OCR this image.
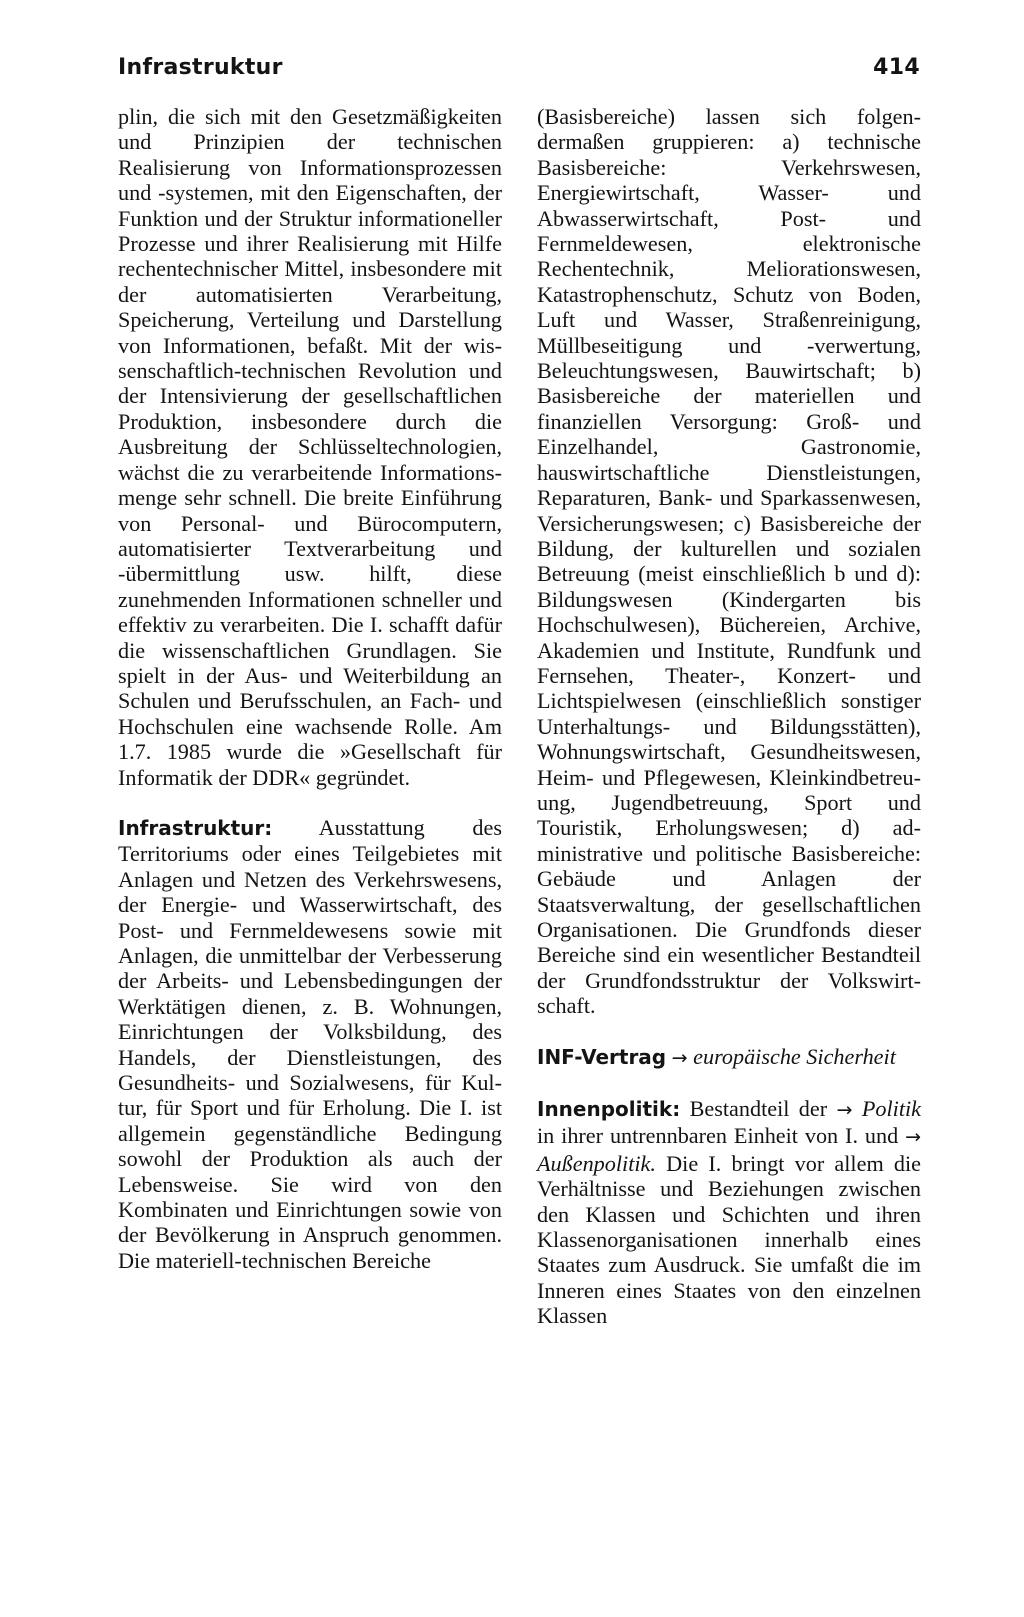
Infrastruktur	414

plin, die sich mit den Gesetzmäßigkeiten und Prinzipien der technischen Realisierung von Informationsprozessen und -systemen, mit den Eigenschaften, der Funktion und der Struktur informationeller Prozesse und ihrer Realisierung mit Hilfe rechentechnischer Mittel, insbesondere mit der automatisierten Verarbeitung, Speicherung, Verteilung und Darstellung von Informationen, befaßt. Mit der wissenschaftlich-technischen Revolution und der Intensivierung der gesellschaftlichen Produktion, insbesondere durch die Ausbreitung der Schlüsseltechnologien, wächst die zu verarbeitende Informationsmenge sehr schnell. Die breite Einführung von Personal- und Bürocomputern, automatisierter Textverarbeitung und -übermittlung usw. hilft, diese zunehmenden Informationen schneller und effektiv zu verarbeiten. Die I. schafft dafür die wissenschaftlichen Grundlagen. Sie spielt in der Aus- und Weiterbildung an Schulen und Berufsschulen, an Fach- und Hochschulen eine wachsende Rolle. Am 1.7. 1985 wurde die »Gesellschaft für Informatik der DDR« gegründet.

Infrastruktur: Ausstattung des Territoriums oder eines Teilgebietes mit Anlagen und Netzen des Verkehrswesens, der Energie- und Wasserwirtschaft, des Post- und Fernmeldewesens sowie mit Anlagen, die unmittelbar der Verbesserung der Arbeits- und Lebensbedingungen der Werktätigen dienen, z. B. Wohnungen, Einrichtungen der Volksbildung, des Handels, der Dienstleistungen, des Gesundheits- und Sozialwesens, für Kultur, für Sport und für Erholung. Die I. ist allgemein gegenständliche Bedingung sowohl der Produktion als auch der Lebensweise. Sie wird von den Kombinaten und Einrichtungen sowie von der Bevölkerung in Anspruch genommen. Die materiell-technischen Bereiche

(Basisbereiche) lassen sich folgendermaßen gruppieren: a) technische Basisbereiche: Verkehrswesen, Energiewirtschaft, Wasser- und Abwasserwirtschaft, Post- und Fernmeldewesen, elektronische Rechentechnik, Meliorationswesen, Katastrophenschutz, Schutz von Boden, Luft und Wasser, Straßenreinigung, Müllbeseitigung und -verwertung, Beleuchtungswesen, Bauwirtschaft; b) Basisbereiche der materiellen und finanziellen Versorgung: Groß- und Einzelhandel, Gastronomie, hauswirtschaftliche Dienstleistungen, Reparaturen, Bank- und Sparkassenwesen, Versicherungswesen; c) Basisbereiche der Bildung, der kulturellen und sozialen Betreuung (meist einschließlich b und d): Bildungswesen (Kindergarten bis Hochschulwesen), Büchereien, Archive, Akademien und Institute, Rundfunk und Fernsehen, Theater-, Konzert- und Lichtspielwesen (einschließlich sonstiger Unterhaltungs- und Bildungsstätten), Wohnungswirtschaft, Gesundheitswesen, Heim- und Pflegewesen, Kleinkindbetreuung, Jugendbetreuung, Sport und Touristik, Erholungswesen; d) administrative und politische Basisbereiche: Gebäude und Anlagen der Staatsverwaltung, der gesellschaftlichen Organisationen. Die Grundfonds dieser Bereiche sind ein wesentlicher Bestandteil der Grundfondsstruktur der Volkswirtschaft.

INF-Vertrag → europäische Sicherheit

Innenpolitik: Bestandteil der → Politik in ihrer untrennbaren Einheit von I. und → Außenpolitik. Die I. bringt vor allem die Verhältnisse und Beziehungen zwischen den Klassen und Schichten und ihren Klassenorganisationen innerhalb eines Staates zum Ausdruck. Sie umfaßt die im Inneren eines Staates von den einzelnen Klassen
